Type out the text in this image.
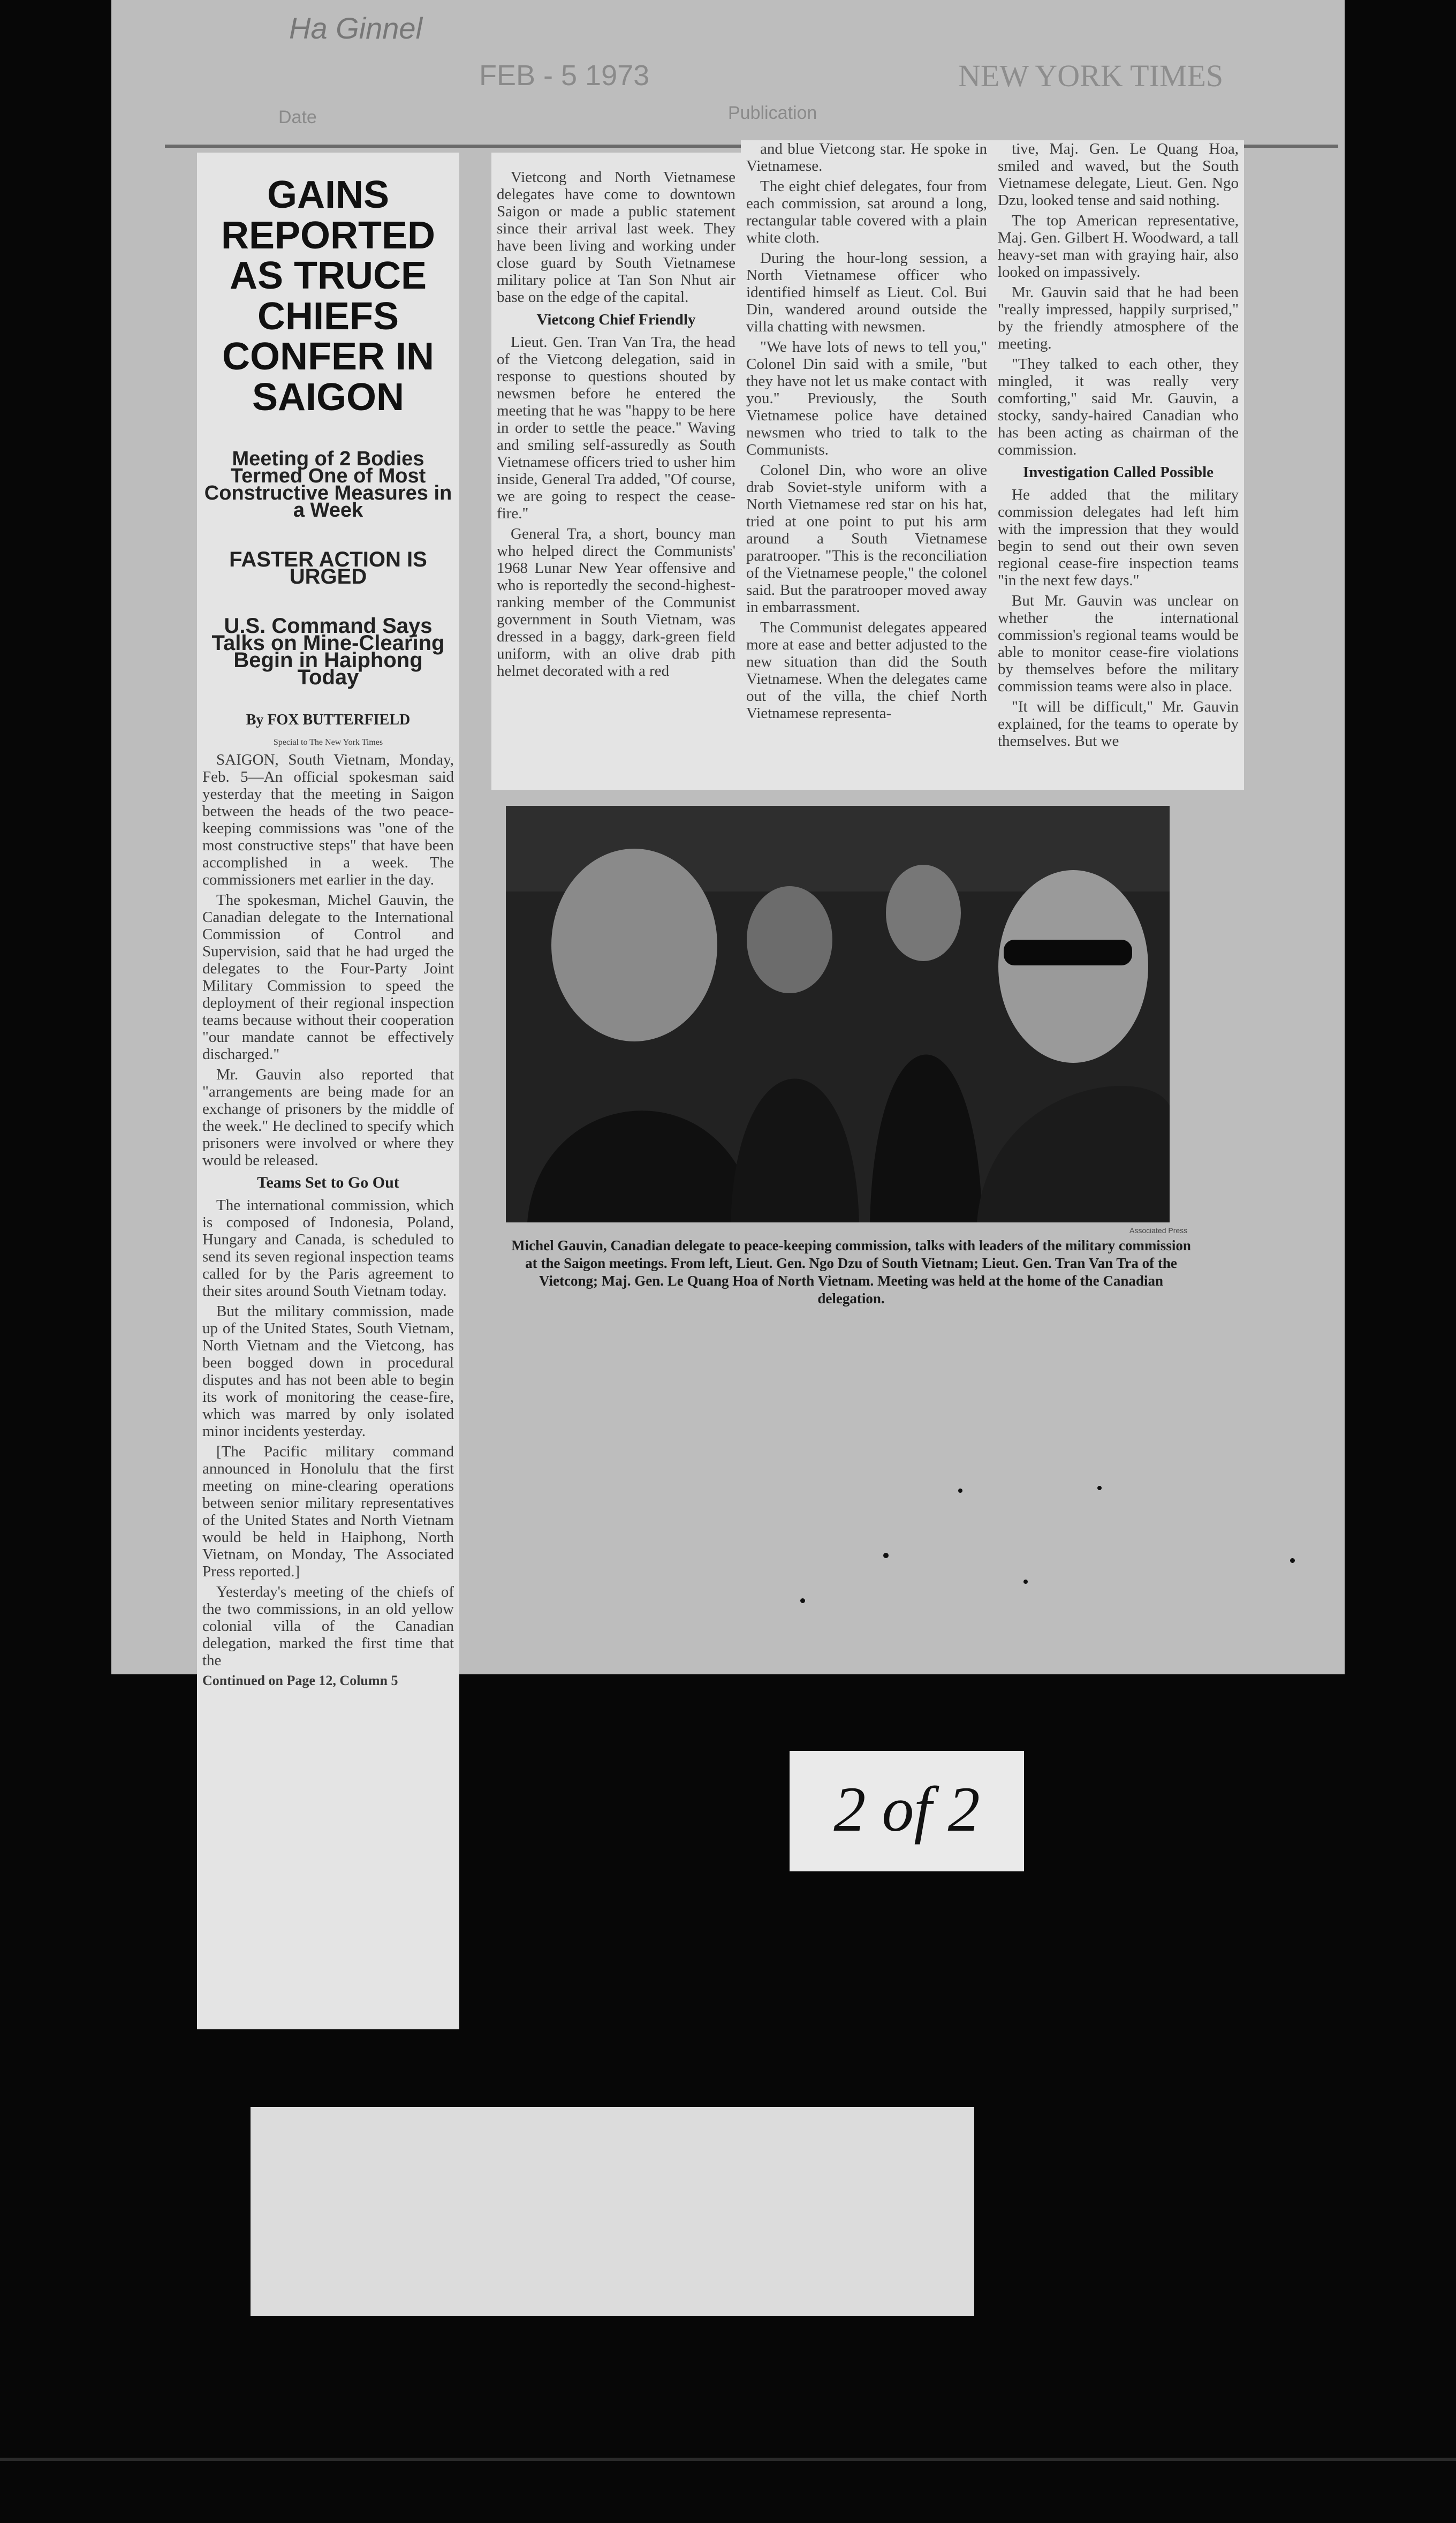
Ha Ginnel
FEB - 5 1973
Date	Publication
NEW YORK TIMES
GAINS REPORTED AS TRUCE CHIEFS CONFER IN SAIGON
Meeting of 2 Bodies Termed One of Most Constructive Measures in a Week
FASTER ACTION IS URGED
U.S. Command Says Talks on Mine-Clearing Begin in Haiphong Today
By FOX BUTTERFIELD
Special to The New York Times

SAIGON, South Vietnam, Monday, Feb. 5—An official spokesman said yesterday that the meeting in Saigon between the heads of the two peace-keeping commissions was "one of the most constructive steps" that have been accomplished in a week. The commissioners met earlier in the day.

The spokesman, Michel Gauvin, the Canadian delegate to the International Commission of Control and Supervision, said that he had urged the delegates to the Four-Party Joint Military Commission to speed the deployment of their regional inspection teams because without their cooperation "our mandate cannot be effectively discharged."

Mr. Gauvin also reported that "arrangements are being made for an exchange of prisoners by the middle of the week." He declined to specify which prisoners were involved or where they would be released.

Teams Set to Go Out

The international commission, which is composed of Indonesia, Poland, Hungary and Canada, is scheduled to send its seven regional inspection teams called for by the Paris agreement to their sites around South Vietnam today.

But the military commission, made up of the United States, South Vietnam, North Vietnam and the Vietcong, has been bogged down in procedural disputes and has not been able to begin its work of monitoring the cease-fire, which was marred by only isolated minor incidents yesterday.

[The Pacific military command announced in Honolulu that the first meeting on mine-clearing operations between senior military representatives of the United States and North Vietnam would be held in Haiphong, North Vietnam, on Monday, The Associated Press reported.]

Yesterday's meeting of the chiefs of the two commissions, in an old yellow colonial villa of the Canadian delegation, marked the first time that the

Continued on Page 12, Column 5

Vietcong and North Vietnamese delegates have come to downtown Saigon or made a public statement since their arrival last week. They have been living and working under close guard by South Vietnamese military police at Tan Son Nhut air base on the edge of the capital.

Vietcong Chief Friendly

Lieut. Gen. Tran Van Tra, the head of the Vietcong delegation, said in response to questions shouted by newsmen before he entered the meeting that he was "happy to be here in order to settle the peace." Waving and smiling self-assuredly as South Vietnamese officers tried to usher him inside, General Tra added, "Of course, we are going to respect the cease-fire."

General Tra, a short, bouncy man who helped direct the Communists' 1968 Lunar New Year offensive and who is reportedly the second-highest-ranking member of the Communist government in South Vietnam, was dressed in a baggy, dark-green field uniform, with an olive drab pith helmet decorated with a red

and blue Vietcong star. He spoke in Vietnamese.

The eight chief delegates, four from each commission, sat around a long, rectangular table covered with a plain white cloth.

During the hour-long session, a North Vietnamese officer who identified himself as Lieut. Col. Bui Din, wandered around outside the villa chatting with newsmen.

"We have lots of news to tell you," Colonel Din said with a smile, "but they have not let us make contact with you." Previously, the South Vietnamese police have detained newsmen who tried to talk to the Communists.

Colonel Din, who wore an olive drab Soviet-style uniform with a North Vietnamese red star on his hat, tried at one point to put his arm around a South Vietnamese paratrooper. "This is the reconciliation of the Vietnamese people," the colonel said. But the paratrooper moved away in embarrassment.

The Communist delegates appeared more at ease and better adjusted to the new situation than did the South Vietnamese. When the delegates came out of the villa, the chief North Vietnamese representa-

tive, Maj. Gen. Le Quang Hoa, smiled and waved, but the South Vietnamese delegate, Lieut. Gen. Ngo Dzu, looked tense and said nothing.

The top American representative, Maj. Gen. Gilbert H. Woodward, a tall heavy-set man with graying hair, also looked on impassively.

Mr. Gauvin said that he had been "really impressed, happily surprised," by the friendly atmosphere of the meeting.

"They talked to each other, they mingled, it was really very comforting," said Mr. Gauvin, a stocky, sandy-haired Canadian who has been acting as chairman of the commission.

Investigation Called Possible

He added that the military commission delegates had left him with the impression that they would begin to send out their own seven regional cease-fire inspection teams "in the next few days."

But Mr. Gauvin was unclear on whether the international commission's regional teams would be able to monitor cease-fire violations by themselves before the military commission teams were also in place.

"It will be difficult," Mr. Gauvin explained, for the teams to operate by themselves. But we

Associated Press
Michel Gauvin, Canadian delegate to peace-keeping commission, talks with leaders of the military commission at the Saigon meetings. From left, Lieut. Gen. Ngo Dzu of South Vietnam; Lieut. Gen. Tran Van Tra of the Vietcong; Maj. Gen. Le Quang Hoa of North Vietnam. Meeting was held at the home of the Canadian delegation.
2 of 2
